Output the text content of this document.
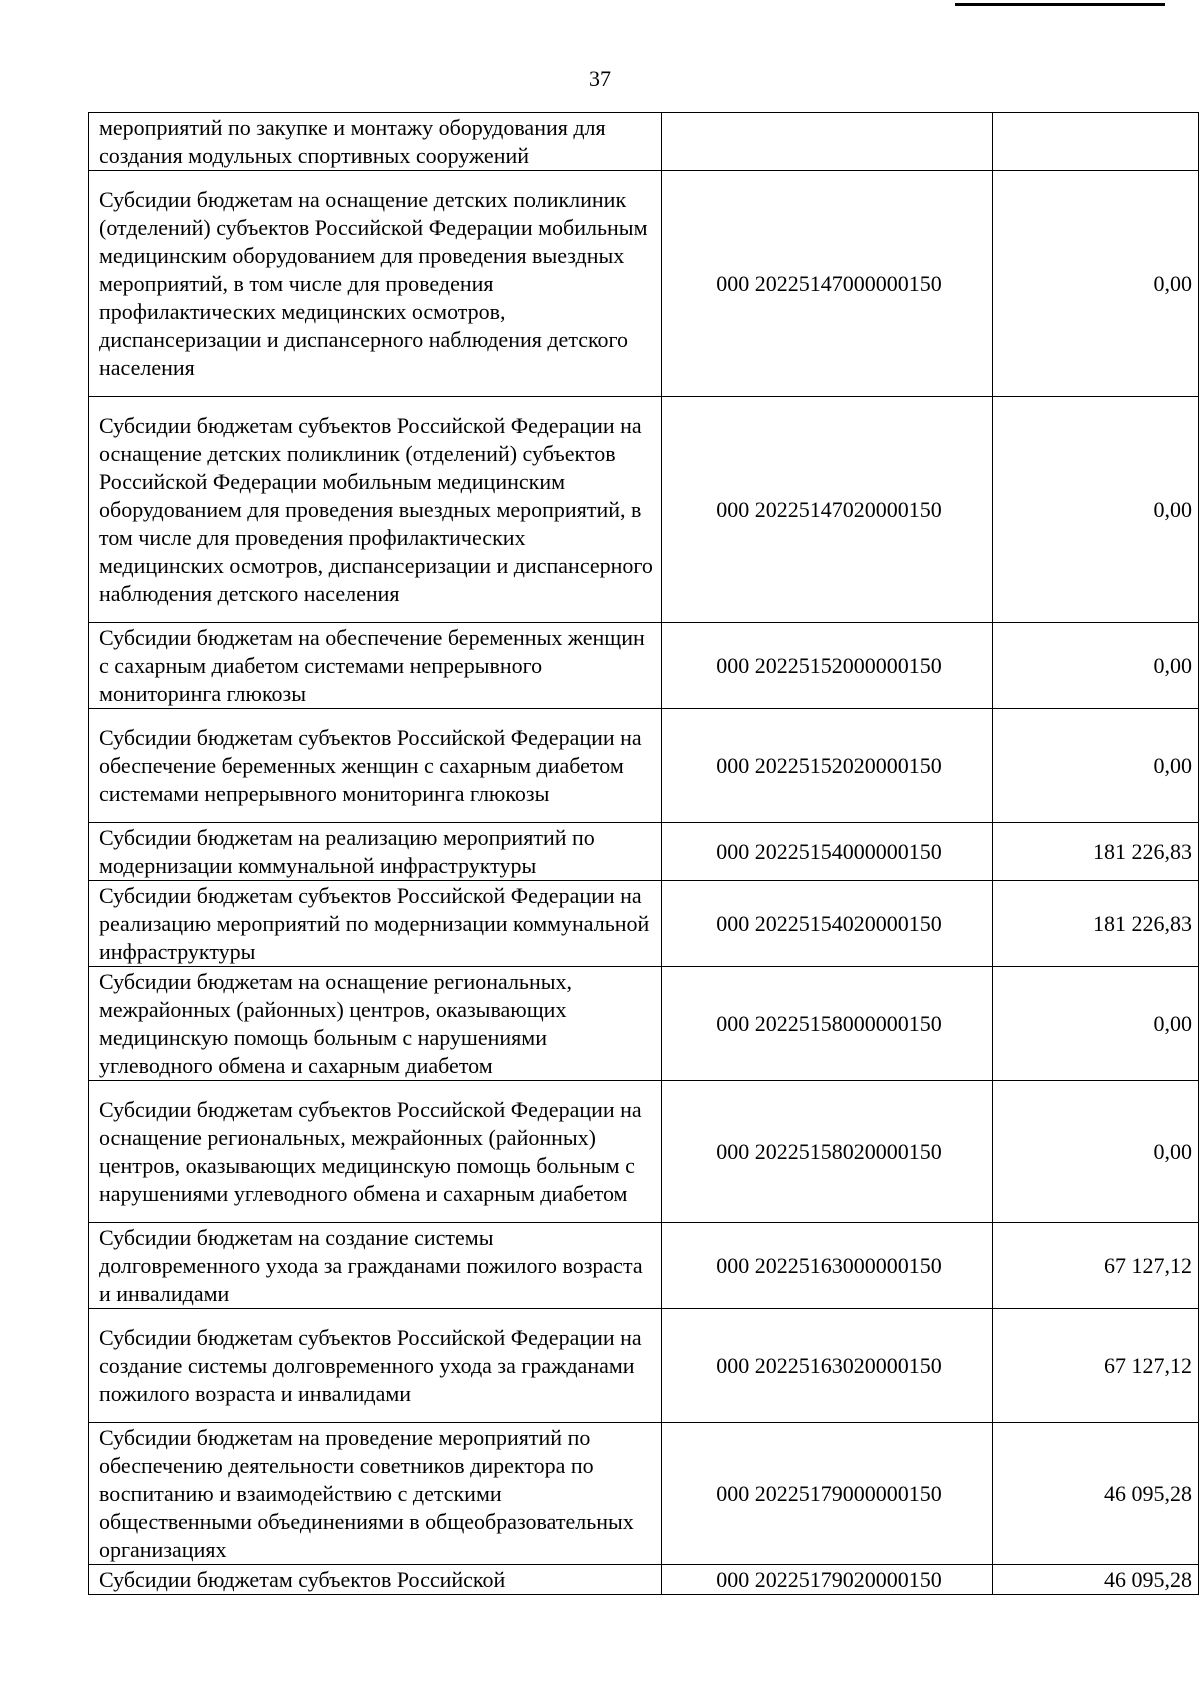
37
мероприятий по закупке и монтажу оборудования для создания модульных спортивных сооружений		
Субсидии бюджетам на оснащение детских поликлиник (отделений) субъектов Российской Федерации мобильным медицинским оборудованием для проведения выездных мероприятий, в том числе для проведения профилактических медицинских осмотров, диспансеризации и диспансерного наблюдения детского населения	000 20225147000000150	0,00
Субсидии бюджетам субъектов Российской Федерации на оснащение детских поликлиник (отделений) субъектов Российской Федерации мобильным медицинским оборудованием для проведения выездных мероприятий, в том числе для проведения профилактических медицинских осмотров, диспансеризации и диспансерного наблюдения детского населения	000 20225147020000150	0,00
Субсидии бюджетам на обеспечение беременных женщин с сахарным диабетом системами непрерывного мониторинга глюкозы	000 20225152000000150	0,00
Субсидии бюджетам субъектов Российской Федерации на обеспечение беременных женщин с сахарным диабетом системами непрерывного мониторинга глюкозы	000 20225152020000150	0,00
Субсидии бюджетам на реализацию мероприятий по модернизации коммунальной инфраструктуры	000 20225154000000150	181 226,83
Субсидии бюджетам субъектов Российской Федерации на реализацию мероприятий по модернизации коммунальной инфраструктуры	000 20225154020000150	181 226,83
Субсидии бюджетам на оснащение региональных, межрайонных (районных) центров, оказывающих медицинскую помощь больным с нарушениями углеводного обмена и сахарным диабетом	000 20225158000000150	0,00
Субсидии бюджетам субъектов Российской Федерации на оснащение региональных, межрайонных (районных) центров, оказывающих медицинскую помощь больным с нарушениями углеводного обмена и сахарным диабетом	000 20225158020000150	0,00
Субсидии бюджетам на создание системы долговременного ухода за гражданами пожилого возраста и инвалидами	000 20225163000000150	67 127,12
Субсидии бюджетам субъектов Российской Федерации на создание системы долговременного ухода за гражданами пожилого возраста и инвалидами	000 20225163020000150	67 127,12
Субсидии бюджетам на проведение мероприятий по обеспечению деятельности советников директора по воспитанию и взаимодействию с детскими общественными объединениями в общеобразовательных организациях	000 20225179000000150	46 095,28
Субсидии бюджетам субъектов Российской	000 20225179020000150	46 095,28
